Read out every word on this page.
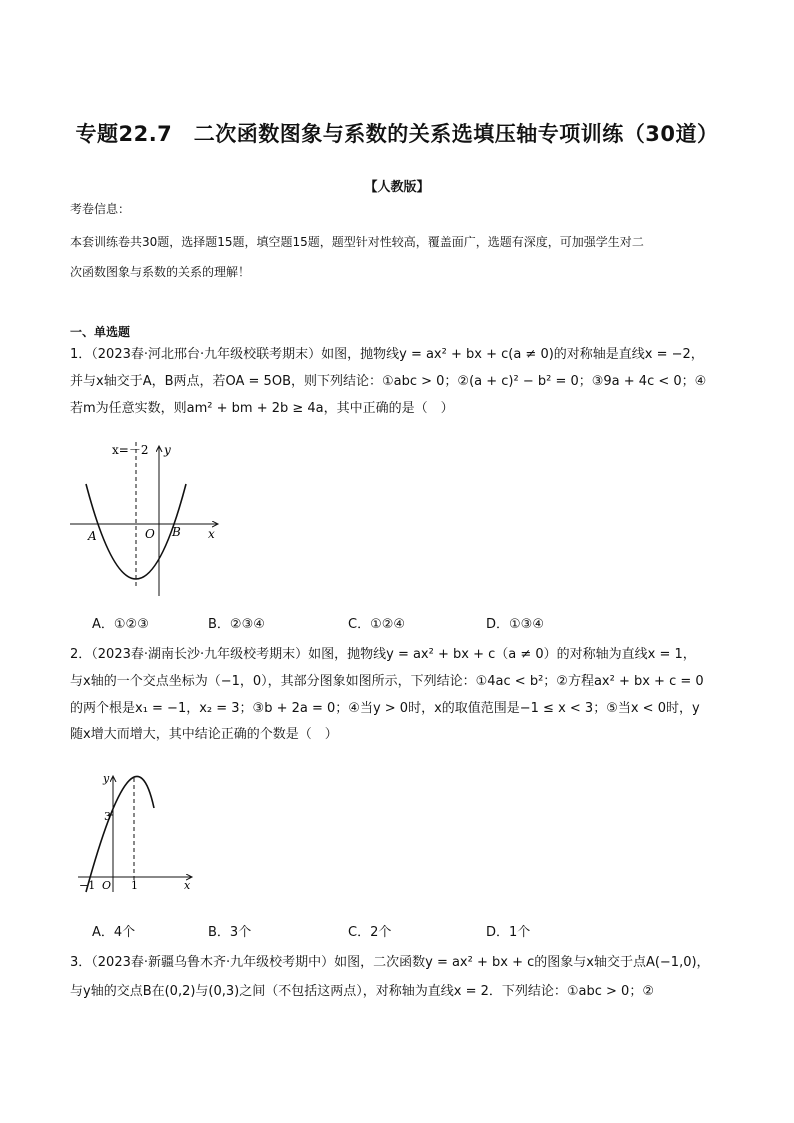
专题22.7　二次函数图象与系数的关系选填压轴专项训练（30道）
【人教版】
考卷信息：
本套训练卷共30题，选择题15题，填空题15题，题型针对性较高，覆盖面广，选题有深度，可加强学生对二
次函数图象与系数的关系的理解！
一、单选题
1．（2023春·河北邢台·九年级校联考期末）如图，抛物线y = ax² + bx + c(a ≠ 0)的对称轴是直线x = −2，
并与x轴交于A，B两点，若OA = 5OB，则下列结论：①abc > 0；②(a + c)² − b² = 0；③9a + 4c < 0；④
若m为任意实数，则am² + bm + 2b ≥ 4a，其中正确的是（　）
x=－2 y
x
A	O B
A．①②③	B．②③④	C．①②④	D．①③④
2．（2023春·湖南长沙·九年级校考期末）如图，抛物线y = ax² + bx + c（a ≠ 0）的对称轴为直线x = 1，
与x轴的一个交点坐标为（−1，0），其部分图象如图所示，下列结论：①4ac < b²；②方程ax² + bx + c = 0
的两个根是x₁ = −1，x₂ = 3；③b + 2a = 0；④当y > 0时，x的取值范围是−1 ≤ x < 3；⑤当x < 0时，y
随x增大而增大，其中结论正确的个数是（　）
y
3
−1 O 1	x
A．4个	B．3个	C．2个	D．1个
3．（2023春·新疆乌鲁木齐·九年级校考期中）如图，二次函数y = ax² + bx + c的图象与x轴交于点A(−1,0)，
与y轴的交点B在(0,2)与(0,3)之间（不包括这两点），对称轴为直线x = 2．下列结论：①abc > 0；②
